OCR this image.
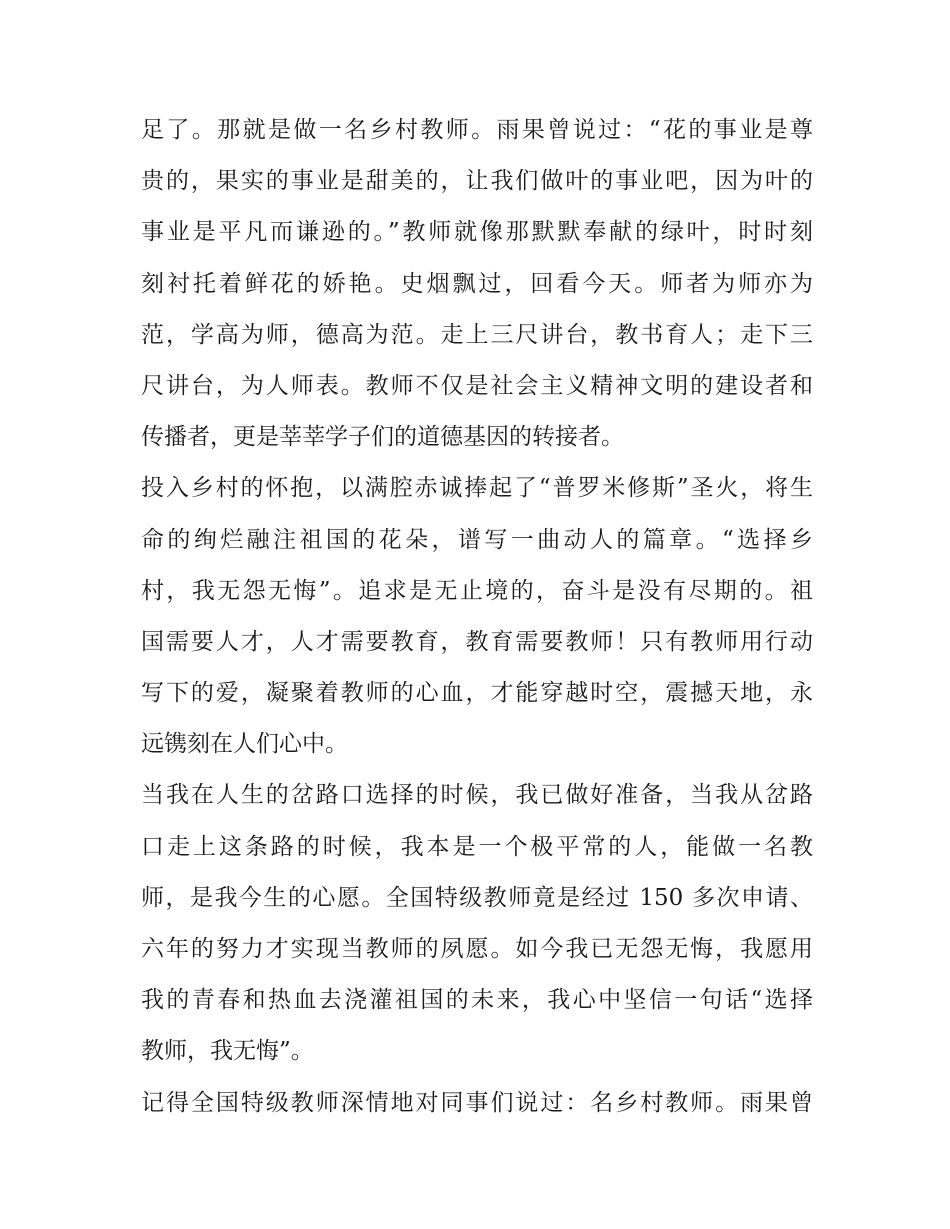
足了。那就是做一名乡村教师。雨果曾说过：“花的事业是尊
贵的，果实的事业是甜美的，让我们做叶的事业吧，因为叶的
事业是平凡而谦逊的。”教师就像那默默奉献的绿叶，时时刻
刻衬托着鲜花的娇艳。史烟飘过，回看今天。师者为师亦为
范，学高为师，德高为范。走上三尺讲台，教书育人；走下三
尺讲台，为人师表。教师不仅是社会主义精神文明的建设者和
传播者，更是莘莘学子们的道德基因的转接者。
投入乡村的怀抱，以满腔赤诚捧起了“普罗米修斯”圣火，将生
命的绚烂融注祖国的花朵，谱写一曲动人的篇章。“选择乡
村，我无怨无悔”。追求是无止境的，奋斗是没有尽期的。祖
国需要人才，人才需要教育，教育需要教师！只有教师用行动
写下的爱，凝聚着教师的心血，才能穿越时空，震撼天地，永
远镌刻在人们心中。
当我在人生的岔路口选择的时候，我已做好准备，当我从岔路
口走上这条路的时候，我本是一个极平常的人，能做一名教
师，是我今生的心愿。全国特级教师竟是经过 150 多次申请、
六年的努力才实现当教师的夙愿。如今我已无怨无悔，我愿用
我的青春和热血去浇灌祖国的未来，我心中坚信一句话“选择
教师，我无悔”。
记得全国特级教师深情地对同事们说过：名乡村教师。雨果曾
